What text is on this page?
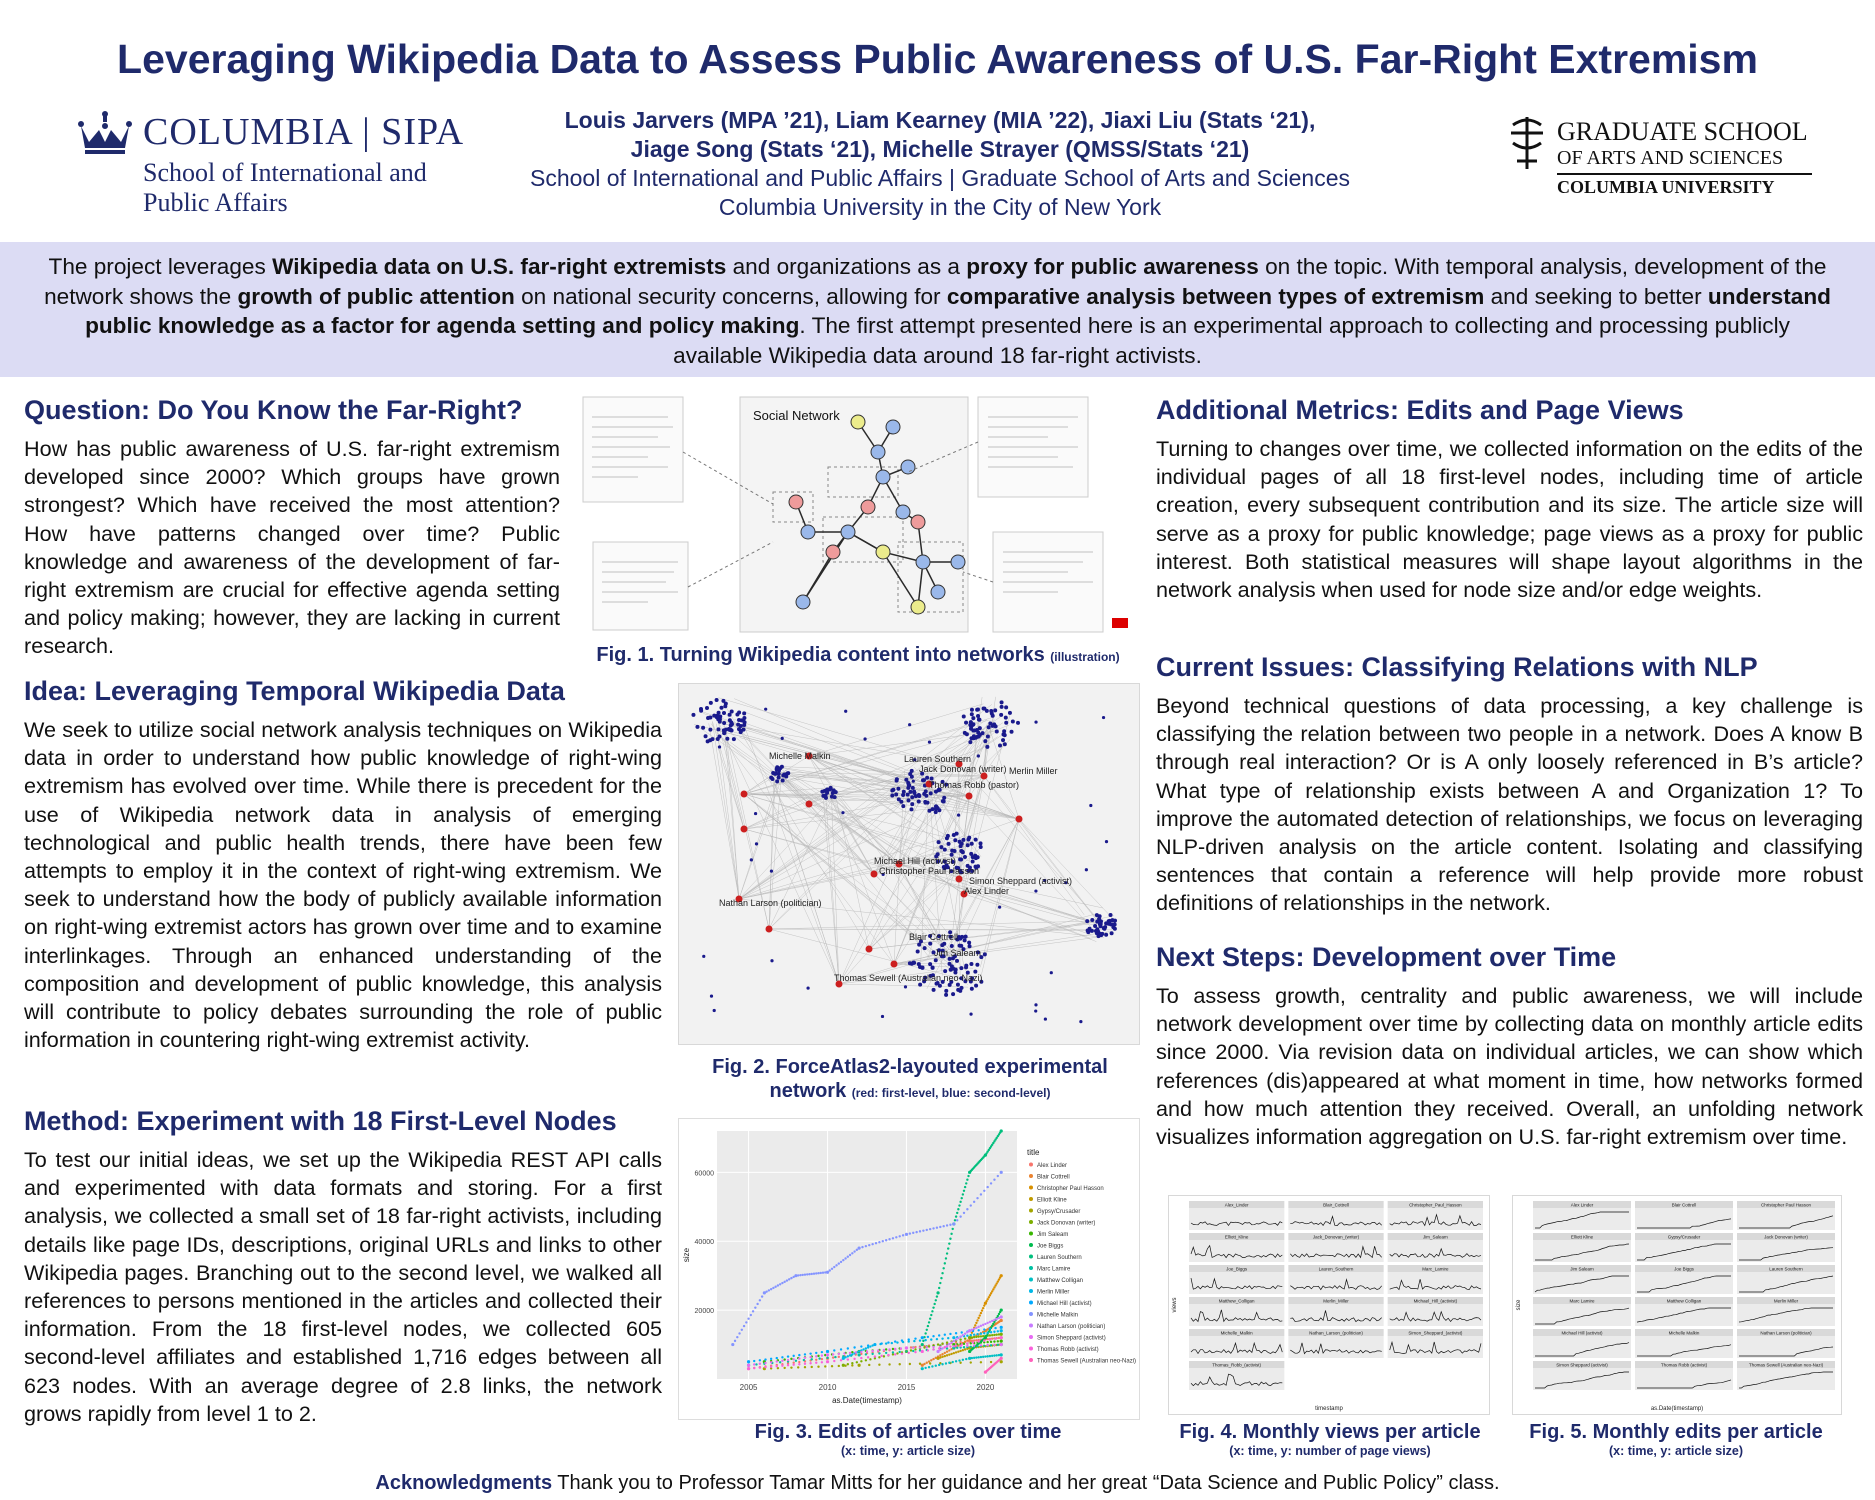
Leveraging Wikipedia Data to Assess Public Awareness of U.S. Far-Right Extremism
COLUMBIA | SIPA
School of International and
Public Affairs
Louis Jarvers (MPA ’21), Liam Kearney (MIA ’22), Jiaxi Liu (Stats ‘21),
Jiage Song (Stats ‘21), Michelle Strayer (QMSS/Stats ‘21)
School of International and Public Affairs | Graduate School of Arts and Sciences
Columbia University in the City of New York
GRADUATE SCHOOL
OF ARTS AND SCIENCES
COLUMBIA UNIVERSITY

The project leverages Wikipedia data on U.S. far-right extremists and organizations as a proxy for public awareness on the topic. With temporal analysis, development of the network shows the growth of public attention on national security concerns, allowing for comparative analysis between types of extremism and seeking to better understand public knowledge as a factor for agenda setting and policy making. The first attempt presented here is an experimental approach to collecting and processing publicly available Wikipedia data around 18 far-right activists.

Question: Do You Know the Far-Right?

How has public awareness of U.S. far-right extremism developed since 2000? Which groups have grown strongest? Which have received the most attention? How have patterns changed over time? Public knowledge and awareness of the development of far-right extremism are crucial for effective agenda setting and policy making; however, they are lacking in current research.

Idea: Leveraging Temporal Wikipedia Data

We seek to utilize social network analysis techniques on Wikipedia data in order to understand how public knowledge of right-wing extremism has evolved over time. While there is precedent for the use of Wikipedia network data in analysis of emerging technological and public health trends, there have been few attempts to employ it in the context of right-wing extremism. We seek to understand how the body of publicly available information on right-wing extremist actors has grown over time and to examine interlinkages. Through an enhanced understanding of the composition and development of public knowledge, this analysis will contribute to policy debates surrounding the role of public information in countering right-wing extremist activity.

Method: Experiment with 18 First-Level Nodes

To test our initial ideas, we set up the Wikipedia REST API calls and experimented with data formats and storing. For a first analysis, we collected a small set of 18 far-right activists, including details like page IDs, descriptions, original URLs and links to other Wikipedia pages. Branching out to the second level, we walked all references to persons mentioned in the articles and collected their information. From the 18 first-level nodes, we collected 605 second-level affiliates and established 1,716 edges between all 623 nodes. With an average degree of 2.8 links, the network grows rapidly from level 1 to 2.

Additional Metrics: Edits and Page Views

Turning to changes over time, we collected information on the edits of the individual pages of all 18 first-level nodes, including time of article creation, every subsequent contribution and its size. The article size will serve as a proxy for public knowledge; page views as a proxy for public interest. Both statistical measures will shape layout algorithms in the network analysis when used for node size and/or edge weights.

Current Issues: Classifying Relations with NLP

Beyond technical questions of data processing, a key challenge is classifying the relation between two people in a network. Does A know B through real interaction? Or is A only loosely referenced in B’s article? What type of relationship exists between A and Organization 1? To improve the automated detection of relationships, we focus on leveraging NLP-driven analysis on the article content. Isolating and classifying sentences that contain a reference will help provide more robust definitions of relationships in the network.

Next Steps: Development over Time

To assess growth, centrality and public awareness, we will include network development over time by collecting data on monthly article edits since 2000. Via revision data on individual articles, we can show which references (dis)appeared at what moment in time, how networks formed and how much attention they received. Overall, an unfolding network visualizes information aggregation on U.S. far-right extremism over time.

Social Network
Fig. 1. Turning Wikipedia content into networks (illustration)
Michelle Malkin
Merlin Miller
Lauren Southern
Jack Donovan (writer)
Thomas Robb (pastor)
Michael Hill (activist)
Christopher Paul Hasson
Simon Sheppard (activist)
Alex Linder
Nathan Larson (politician)
Blair Cottrell
Jim Saleam
Thomas Sewell (Australian neo-Nazi)
Fig. 2. ForceAtlas2-layouted experimental network (red: first-level, blue: second-level)
2005	2010	2015	2020
20000
40000
60000
as.Date(timestamp)
size
title
Alex Linder
Blair Cottrell
Christopher Paul Hasson
Elliott Kline
Gypsy/Crusader
Jack Donovan (writer)
Jim Saleam
Joe Biggs
Lauren Southern
Marc Lamire
Matthew Colligan
Merlin Miller
Michael Hill (activist)
Michelle Malkin
Nathan Larson (politician)
Simon Sheppard (activist)
Thomas Robb (activist)
Thomas Sewell (Australian neo-Nazi)
Fig. 3. Edits of articles over time
(x: time, y: article size)
Alex_Linder	Blair_Cottrell	Christopher_Paul_Hasson
Elliott_Kline	Jack_Donovan_(writer)	Jim_Saleam
Joe_Biggs	Lauren_Southern	Marc_Lamire
Matthew_Colligan	Merlin_Miller	Michael_Hill_(activist)
Michelle_Malkin	Nathan_Larson_(politician)	Simon_Sheppard_(activist)
Thomas_Robb_(activist)
timestamp
views
Fig. 4. Monthly views per article
(x: time, y: number of page views)
Alex Linder	Blair Cottrell	Christopher Paul Hasson
Elliott Kline	Gypsy/Crusader	Jack Donovan (writer)
Jim Saleam	Joe Biggs	Lauren Southern
Marc Lamire	Matthew Colligan	Merlin Miller
Michael Hill (activist)	Michelle Malkin	Nathan Larson (politician)
Simon Sheppard (activist)	Thomas Robb (activist)	Thomas Sewell (Australian neo-Nazi)
as.Date(timestamp)
size
Fig. 5. Monthly edits per article
(x: time, y: article size)
Acknowledgments Thank you to Professor Tamar Mitts for her guidance and her great “Data Science and Public Policy” class.
